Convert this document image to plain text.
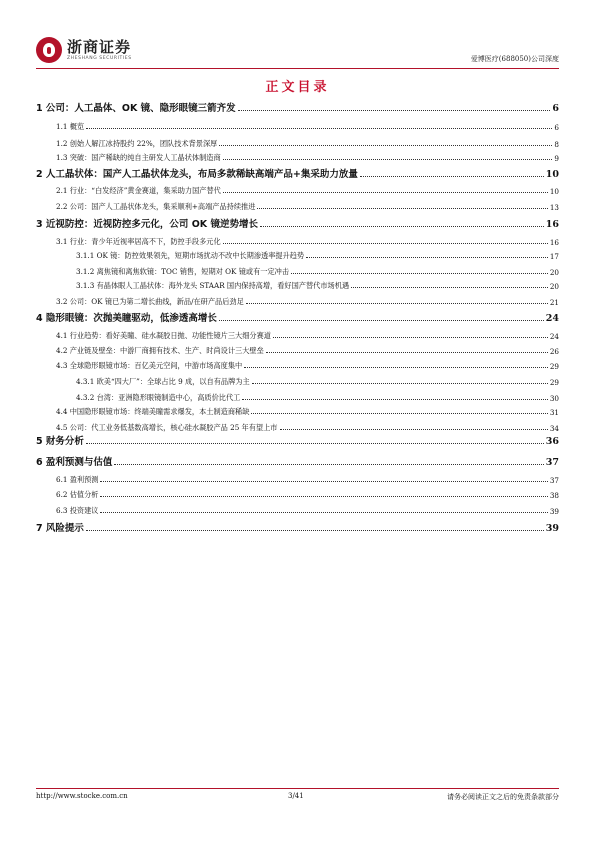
浙商证券
ZHESHANG SECURITIES	爱博医疗(688050)公司深度
正文目录
1 公司：人工晶体、OK 镜、隐形眼镜三箭齐发	6
1.1 概览	6
1.2 创始人解江冰持股约 22%，团队技术背景深厚	8
1.3 突破：国产稀缺的纯自主研发人工晶状体制造商	9
2 人工晶状体：国产人工晶状体龙头，布局多款稀缺高端产品+集采助力放量	10
2.1 行业：“白发经济”黄金赛道，集采助力国产替代	10
2.2 公司：国产人工晶状体龙头，集采顺利+高端产品持续推进	13
3 近视防控：近视防控多元化，公司 OK 镜逆势增长	16
3.1 行业：青少年近视率居高不下，防控手段多元化	16
3.1.1 OK 镜：防控效果领先，短期市场扰动不改中长期渗透率提升趋势	17
3.1.2 离焦镜和离焦软镜：TOC 销售，短期对 OK 镜或有一定冲击	20
3.1.3 有晶体眼人工晶状体：海外龙头 STAAR 国内保持高增，看好国产替代市场机遇	20
3.2 公司：OK 镜已为第二增长曲线，新品/在研产品后劲足	21
4 隐形眼镜：次抛美瞳驱动，低渗透高增长	24
4.1 行业趋势：看好美瞳、硅水凝胶日抛、功能性镜片三大细分赛道	24
4.2 产业链及壁垒：中游厂商拥有技术、生产、时尚设计三大壁垒	26
4.3 全球隐形眼镜市场：百亿美元空间，中游市场高度集中	29
4.3.1 欧美“四大厂”：全球占比 9 成，以自有品牌为主	29
4.3.2 台湾：亚洲隐形眼镜制造中心，高质价比代工	30
4.4 中国隐形眼镜市场：终端美瞳需求爆发，本土制造商稀缺	31
4.5 公司：代工业务低基数高增长，核心硅水凝胶产品 25 年有望上市	34
5 财务分析	36
6 盈利预测与估值	37
6.1 盈利预测	37
6.2 估值分析	38
6.3 投资建议	39
7 风险提示	39
http://www.stocke.com.cn	3/41	请务必阅读正文之后的免责条款部分
